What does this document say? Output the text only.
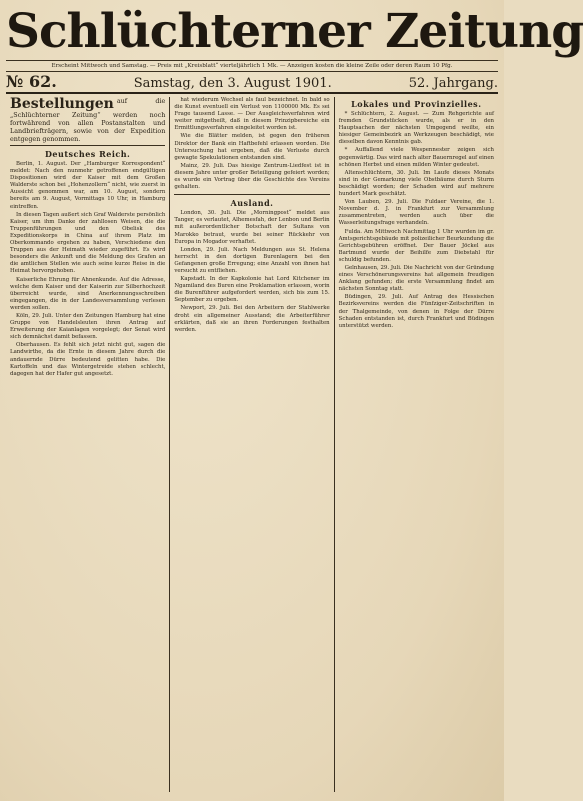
Schlüchterner Zeitung
Erscheint Mittwoch und Samstag. — Preis mit „Kreisblatt“ vierteljährlich 1 Mk. — Anzeigen kosten die kleine Zeile oder deren Raum 10 Pfg.
№ 62.	Samstag, den 3. August 1901.	52. Jahrgang.
Bestellungen auf die „Schlüchterner Zeitung“ werden noch fortwährend von allen Postanstalten und Landbriefträgern, sowie von der Expedition entgegen genommen.
Deutsches Reich.

Berlin, 1. August. Der „Hamburger Korrespondent“ meldet: Nach den nunmehr getroffenen endgültigen Dispositionen wird der Kaiser mit dem Großen Walderste schon bei „Hohenzollern“ nicht, wie zuerst in Aussicht genommen war, am 10. August, sondern bereits am 9. August, Vormittags 10 Uhr, in Hamburg eintreffen.

In diesen Tagen außert sich Graf Walderste persönlich Kaiser, um ihm Danke der zahllosen Weisen, die die Truppenführungen und den Obelisk des Expeditionskorps in China auf ihrem Platz im Oberkommando ergehen zu haben, Verschiedene den Truppen aus der Heimath wieder zugeführt. Es wird besonders die Ankunft und die Meldung des Grafen an die amtlichen Stellen wie auch seine kurze Reise in die Heimat hervorgehoben.

Kaiserliche Ehrung für Ahnenkunde. Auf die Adresse, welche dem Kaiser und der Kaiserin zur Silberhochzeit überreicht wurde, sind Anerkennungsschreiben eingegangen, die in der Landesversammlung verlesen werden sollen.

Köln, 29. Juli. Unter den Zeitungen Hamburg hat eine Gruppe von Handelsleuten ihren Antrag auf Erweiterung der Kaianlagen vorgelegt; der Senat wird sich demnächst damit befassen.

Oberhausen. Es fehlt sich jetzt nicht gut, sagen die Landwirthe, da die Ernte in diesem Jahre durch die andauernde Dürre bedeutend gelitten habe. Die Kartoffeln und das Wintergetreide stehen schlecht, dagegen hat der Hafer gut angesetzt.

hat wiederum Wechsel als faul bezeichnet. In bald so die Kunst eventuell ein Verlust von 1100000 Mk. Es sei Frage tausend Lasse. — Der Ausgleichsverfahren wird weiter mitgetheilt, daß in diesem Prinzipbereiche ein Ermittlungsverfahren eingeleitet worden ist.

Wie die Blätter melden, ist gegen den früheren Direktor der Bank ein Haftbefehl erlassen worden. Die Untersuchung hat ergeben, daß die Verluste durch gewagte Spekulationen entstanden sind.

Mainz, 29. Juli. Das hiesige Zentrum-Liedfest ist in diesem Jahre unter großer Beteiligung gefeiert worden; es wurde ein Vortrag über die Geschichte des Vereins gehalten.

Ausland.

London, 30. Juli. Die „Morningpost“ meldet aus Tanger, es verlautet, Alhemesfah, der Lenbon und Berlin mit außerordentlicher Botschaft der Sultans von Marokko betraut, wurde bei seiner Rückkehr von Europa in Mogador verhaftet.

London, 29. Juli. Nach Meldungen aus St. Helena herrscht in den dortigen Burenlagern bei den Gefangenen große Erregung; eine Anzahl von ihnen hat versucht zu entfliehen.

Kapstadt. In der Kapkolonie hat Lord Kitchener im Ngamiland des Buren eine Proklamation erlassen, worin die Burenführer aufgefordert werden, sich bis zum 15. September zu ergeben.

Newport, 29. Juli. Bei den Arbeitern der Stahlwerke droht ein allgemeiner Ausstand; die Arbeiterführer erklärten, daß sie an ihren Forderungen festhalten werden.

Lokales und Provinzielles.

* Schlüchtern, 2. August. — Zum Rehgerichte auf fremden Grundstücken wurde, als er in den Hauptsachen der nächsten Umgegend weilte, ein hiesiger Gemeinbezirk an Werkzeugen beschädigt, wie dieselben davon Kenntnis gab.

* Auffallend viele Wespennester zeigen sich gegenwärtig. Das wird nach alter Bauernregel auf einen schönen Herbst und einen milden Winter gedeutet.

Altenschlüchtern, 30. Juli. Im Laufe dieses Monats sind in der Gemarkung viele Obstbäume durch Sturm beschädigt worden; der Schaden wird auf mehrere hundert Mark geschätzt.

Von Lauben, 29. Juli. Die Fuldaer Vereine, die 1. November d. J. in Frankfurt zur Versammlung zusammentreten, werden auch über die Wasserleitungsfrage verhandeln.

Fulda. Am Mittwoch Nachmittag 1 Uhr wurden im gr. Amtsgerichtsgebäude mit polizeilicher Beurkundung die Gerichtsgebühren eröffnet. Der Bauer Jöckel aus Bartmund wurde der Beihilfe zum Diebstahl für schuldig befunden.

Gelnhausen, 29. Juli. Die Nachricht von der Gründung eines Verschönerungsvereins hat allgemein freudigen Anklang gefunden; die erste Versammlung findet am nächsten Sonntag statt.

Büdingen, 29. Juli. Auf Antrag des Hessischen Bezirksvereins werden die Fünfziger-Zeitschriften in der Thalgemeinde, von denen in Folge der Dürre Schaden entstanden ist, durch Frankfurt und Büdingen unterstützt werden.
